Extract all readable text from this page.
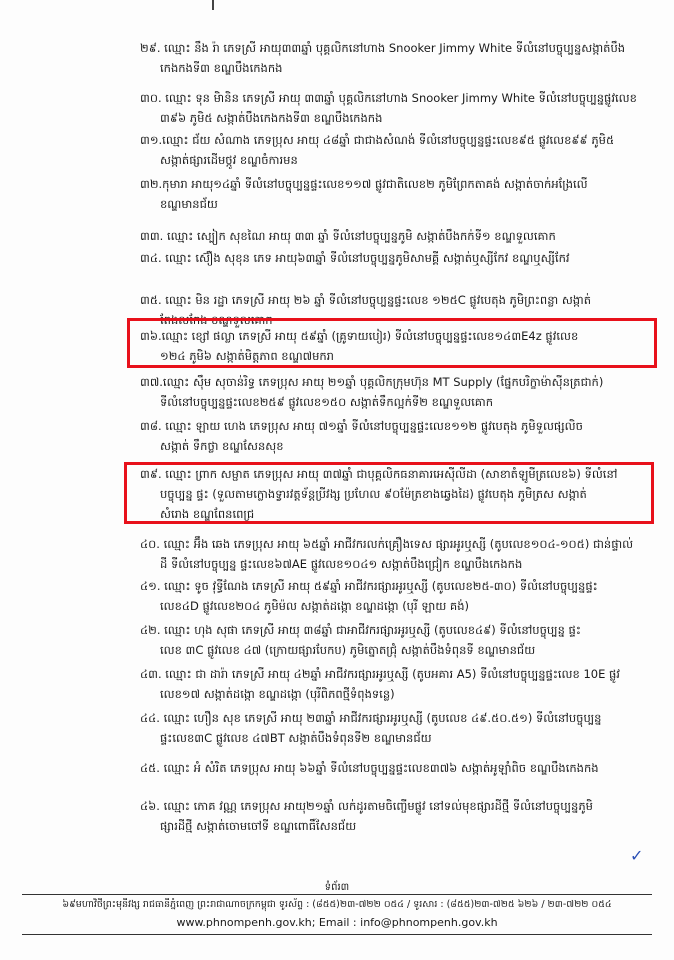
២៩. ឈ្មោះ នឹង រ៉ា ភេទស្រី អាយុ៣៣ឆ្នាំ បុគ្គលិកនៅហាង Snooker Jimmy White ទីលំនៅបច្ចុប្បន្នសង្កាត់បឹង
កេងកងទី៣ ខណ្ឌបឹងកេងកង
៣០. ឈ្មោះ ទុន មិានិន ភេទស្រី អាយុ ៣៣ឆ្នាំ បុគ្គលិកនៅហាង Snooker Jimmy White ទីលំនៅបច្ចុប្បន្នផ្លូវលេខ
៣៩៦ ភូមិ៥ សង្កាត់បឹងកេងកងទី៣ ខណ្ឌបឹងកេងកង
៣១.ឈ្មោះ ជ័យ សំណាង ភេទប្រុស អាយុ ៤៨ឆ្នាំ ជាជាងសំណង់ ទីលំនៅបច្ចុប្បន្នផ្ទះលេខ៩៥ ផ្លូវលេខ៩៩ ភូមិ៥
សង្កាត់ផ្សារដើមថ្កូវ ខណ្ឌចំការមន
៣២.កុមារា អាយុ១៤ឆ្នាំ ទីលំនៅបច្ចុប្បន្នផ្ទះលេខ១១៧ ផ្លូវជាតិលេខ២ ភូមិព្រែកតាគង់ សង្កាត់ចាក់អង្រែលើ
ខណ្ឌមានជ័យ
៣៣. ឈ្មោះ ស្បៀក សុខណៃ អាយុ ៣៣ ឆ្នាំ ទីលំនៅបច្ចុប្បន្នភូមិ សង្កាត់បឹងកក់ទី១ ខណ្ឌទួលគោក
៣៤. ឈ្មោះ ស៊ឿង សុខុន ភេទ អាយុ៦៣ឆ្នាំ ទីលំនៅបច្ចុប្បន្នភូមិសាមគ្គី សង្កាត់ឬស្សីកែវ ខណ្ឌឬស្សីកែវ
៣៥. ឈ្មោះ មិន រដ្ឋា ភេទស្រី អាយុ ២៦ ឆ្នាំ ទីលំនៅបច្ចុប្បន្នផ្ទះលេខ ១២៥C ផ្លូវបេតុង ភូមិព្រះពន្លា សង្កាត់
ពែងលកែង ខណ្ឌទួលគោក
៣៦.ឈ្មោះ ខ្សៅ ផល្លា ភេទស្រី អាយុ ៥៩ឆ្នាំ (គ្រូទាយបៀរ) ទីលំនៅបច្ចុប្បន្នផ្ទះលេខ១៤៣E4z ផ្លូវលេខ
១២៤ ភូមិ៦ សង្កាត់មិត្តភាព ខណ្ឌ៧មករា
៣៧.ឈ្មោះ ស៊ឹម សុចាន់រិទ្ធ ភេទប្រុស អាយុ ២១ឆ្នាំ បុគ្គលិកក្រុមហ៊ុន MT Supply (ផ្នែកបរិក្ខាម៉ាស៊ីនត្រជាក់)
ទីលំនៅបច្ចុប្បន្នផ្ទះលេខ២៥៩ ផ្លូវលេខ១៥០ សង្កាត់ទឹកល្អក់ទី២ ខណ្ឌទួលគោក
៣៨. ឈ្មោះ ឡាយ ហេង ភេទប្រុស អាយុ ៧១ឆ្នាំ ទីលំនៅបច្ចុប្បន្នផ្ទះលេខ១១២ ផ្លូវបេតុង ភូមិទួលផ្សលិច
សង្កាត់ ទឹកថ្លា ខណ្ឌសែនសុខ
៣៩. ឈ្មោះ ព្រាក សម្ផាត ភេទប្រុស អាយុ ៣៧ឆ្នាំ ជាបុគ្គលិកធនាគារអេស៊ីលីដា (សាខាតំឡូមីត្រលេខ៦) ទីលំនៅ
បច្ចុប្បន្ន ផ្ទះ (ទួលតាមក្លោងទ្វារវត្តទ័ន្តប្រីវង្ស ប្រហែល ៩០ម៉ែត្រខាងឆ្វេងដៃ) ផ្លូវបេតុង ភូមិត្រស សង្កាត់
សំរោង ខណ្ឌពែនពេជ្រ
៤០. ឈ្មោះ អ៊ឹង ឆេង ភេទប្រុស អាយុ ៦៥ឆ្នាំ អាជីវករលក់គ្រឿងទេស ផ្សារអូរឬស្សី (តូបលេខ១០៤-១០៥) ជាន់ផ្ទាល់
ដី ទីលំនៅបច្ចុប្បន្ន ផ្ទះលេខ៦៧AE ផ្លូវលេខ១០៤១ សង្កាត់បឹងជ្រៀក ខណ្ឌបឹងកេងកង
៤១. ឈ្មោះ ទូច វុទ្ធីណែង ភេទស្រី អាយុ ៥៩ឆ្នាំ អាជីវករផ្សារអូរឬស្សី (តូបលេខ២៥-៣០) ទីលំនៅបច្ចុប្បន្នផ្ទះ
លេខ៤D ផ្លូវលេខ២០៤ ភូមិម៉ល សង្កាត់ដង្កោ ខណ្ឌដង្កោ (បុរី ឡាយ គង់)
៤២. ឈ្មោះ ហុង សុផា ភេទស្រី អាយុ ៣៨ឆ្នាំ ជាអាជីវករផ្សារអូរឬស្សី (តូបលេខ៤៩) ទីលំនៅបច្ចុប្បន្ន ផ្ទះ
លេខ ៣C ផ្លូវលេខ ៤៧ (ក្រោយផ្សារបែកប) ភូមិត្នោតជ្រុំ សង្កាត់បឹងទំពុនទី ខណ្ឌមានជ័យ
៤៣. ឈ្មោះ ជា ដារ៉ា ភេទស្រី អាយុ ៤២ឆ្នាំ អាជីវករផ្សារអូរឬស្សី (តូបអគារ A5) ទីលំនៅបច្ចុប្បន្នផ្ទះលេខ 10E ផ្លូវ
លេខ១៧ សង្កាត់ដង្កោ ខណ្ឌដង្កោ (បុរីពិភពថ្មីទំពុងទន្លេ)
៤៤. ឈ្មោះ ហឿន សុខ ភេទស្រី អាយុ ២៣ឆ្នាំ អាជីវករផ្សារអូរឬស្សី (តូបលេខ ៤៩.៥០.៥១) ទីលំនៅបច្ចុប្បន្ន
ផ្ទះលេខ៣C ផ្លូវលេខ ៤៧BT សង្កាត់បឹងទំពុនទី២ ខណ្ឌមានជ័យ
៤៥. ឈ្មោះ អំ សំរិត ភេទប្រុស អាយុ ៦៦ឆ្នាំ ទីលំនៅបច្ចុប្បន្នផ្ទះលេខ៣៧៦ សង្កាត់អូឡាំពិច ខណ្ឌបឹងកេងកង
៤៦. ឈ្មោះ ភោគ វណ្ណ ភេទប្រុស អាយុ២១ឆ្នាំ លក់ដូរតាមចិញ្ចើមផ្លូវ នៅទល់មុខផ្សារដីថ្មី ទីលំនៅបច្ចុប្បន្នភូមិ
ផ្សារដីថ្មី សង្កាត់ចោមចៅទី ខណ្ឌពោធិ៍សែនជ័យ
✓
ទំព័រ៣
៦៩មហាវិថីព្រះមុនីវង្ស រាជធានីភ្នំពេញ ព្រះរាជាណាចក្រកម្ពុជា ទូរស័ព្ទ : (៨៥៥)២៣-៧២២ ០៥៤ / ទូរសារ : (៨៥៥)២៣-៧២៥ ៦២៦ / ២៣-៧២២ ០៥៤
www.phnompenh.gov.kh; Email : info@phnompenh.gov.kh
